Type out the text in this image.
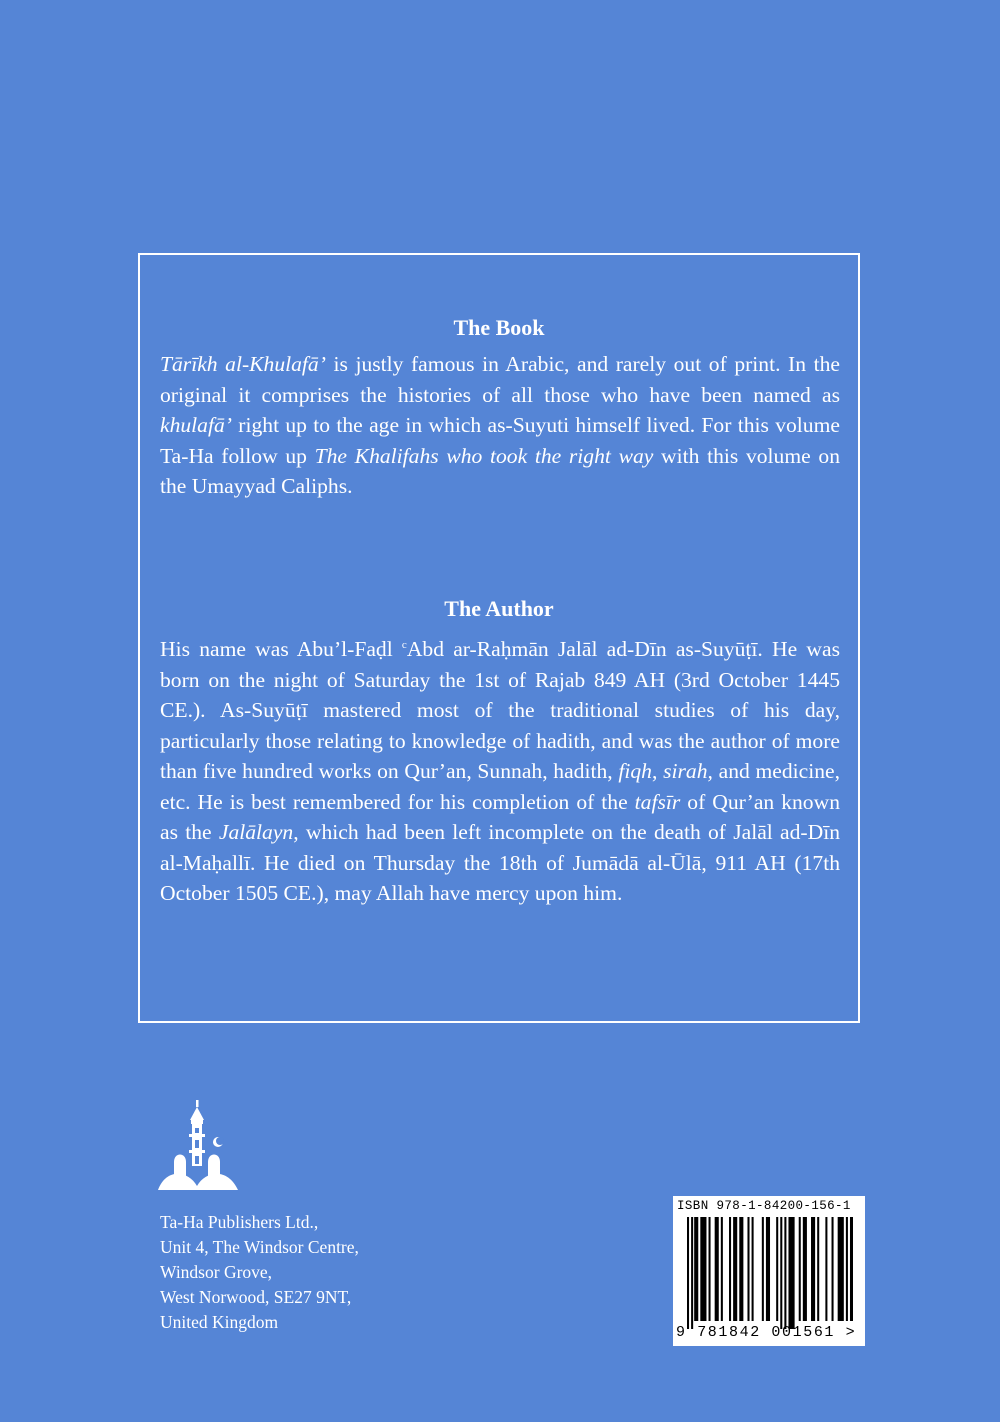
The Book

Tārīkh al-Khulafā’ is justly famous in Arabic, and rarely out of print. In the original it comprises the histories of all those who have been named as khulafā’ right up to the age in which as-Suyuti himself lived. For this volume Ta-Ha follow up The Khalifahs who took the right way with this volume on the Umayyad Caliphs.

The Author

His name was Abu’l-Faḍl $^c$Abd ar-Raḥmān Jalāl ad-Dīn as-Suyūṭī. He was born on the night of Saturday the 1st of Rajab 849 AH (3rd October 1445 CE.). As-Suyūṭī mastered most of the traditional studies of his day, particularly those relating to knowledge of hadith, and was the author of more than five hundred works on Qur’an, Sunnah, hadith, fiqh, sirah, and medicine, etc. He is best remembered for his completion of the tafsīr of Qur’an known as the Jalālayn, which had been left incomplete on the death of Jalāl ad-Dīn al-Maḥallī. He died on Thursday the 18th of Jumādā al-Ūlā, 911 AH (17th October 1505 CE.), may Allah have mercy upon him.

Ta-Ha Publishers Ltd.,
Unit 4, The Windsor Centre,
Windsor Grove,
West Norwood, SE27 9NT,
United Kingdom
ISBN 978-1-84200-156-1
9 781842 001561 >
